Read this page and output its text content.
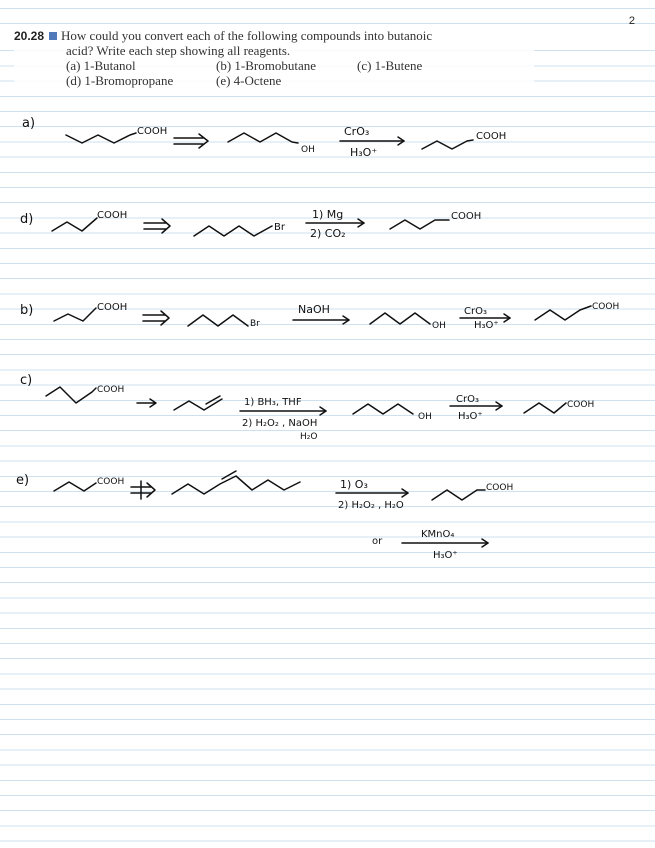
2
20.28 How could you convert each of the following compounds into butanoic
acid? Write each step showing all reagents.
(a) 1-Butanol	(b) 1-Bromobutane	(c) 1-Butene
(d) 1-Bromopropane	(e) 4-Octene
a)
COOH
OH
CrO₃
H₃O⁺
COOH
d)	COOH
Br
1) Mg
2) CO₂
COOH
b)	COOH
Br
NaOH
OH
CrO₃
H₃O⁺
COOH
c)
COOH
1) BH₃, THF
2) H₂O₂ , NaOH
H₂O
OH
CrO₃
H₃O⁺
COOH
e)	COOH	1) O₃
2) H₂O₂ , H₂O
COOH
or
KMnO₄
H₃O⁺
